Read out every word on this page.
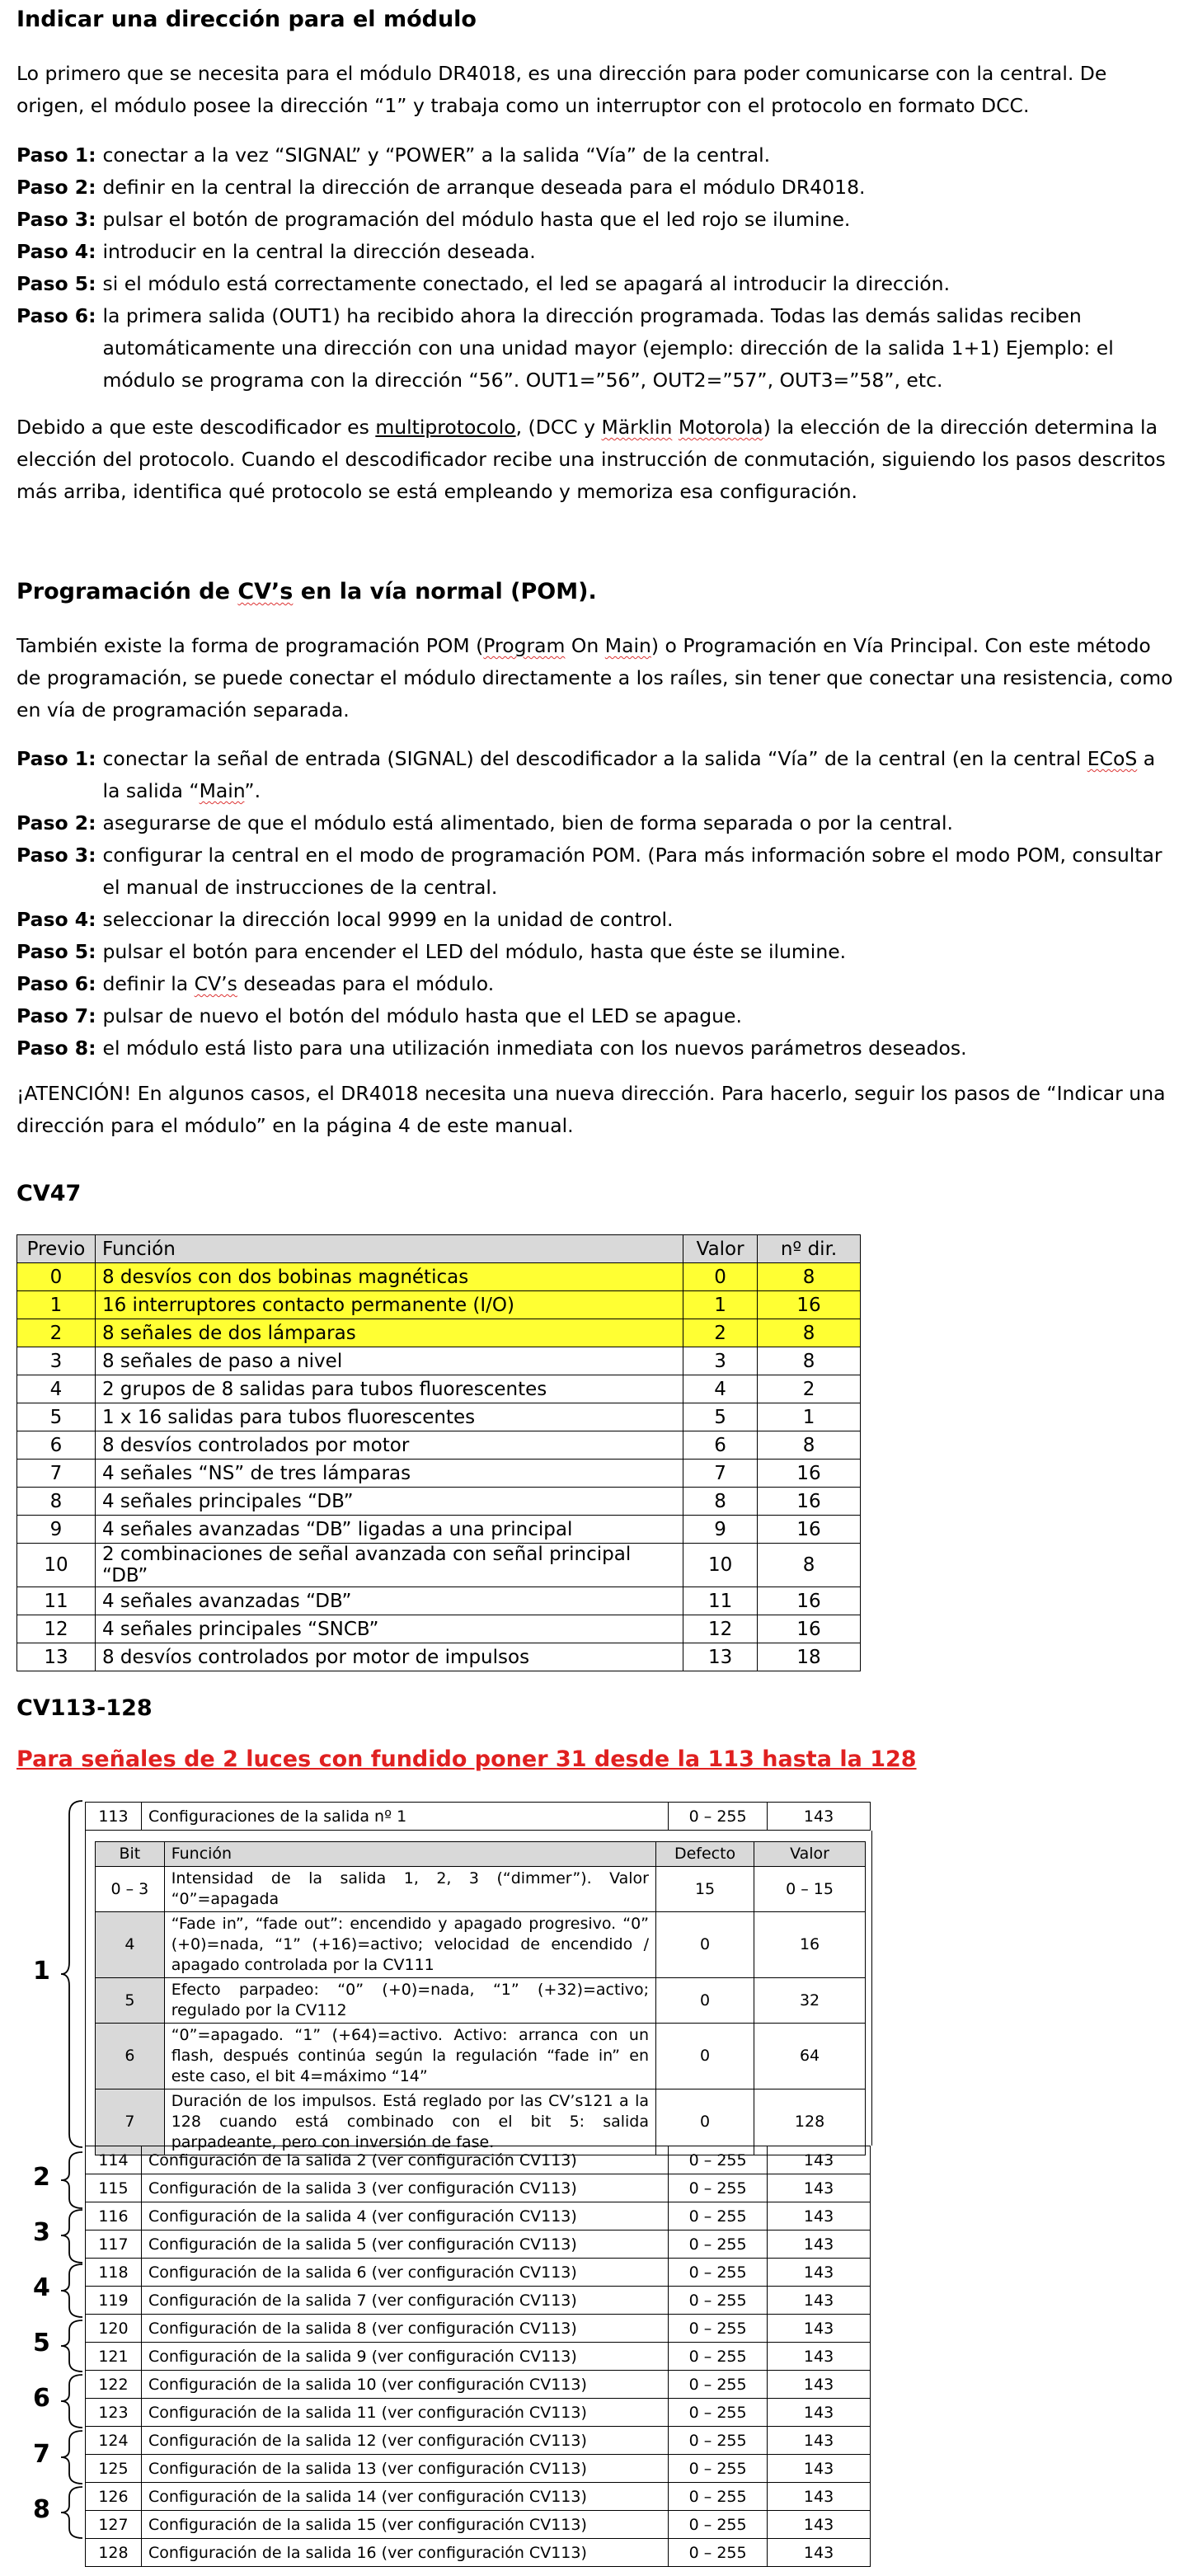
Indicar una dirección para el módulo

Lo primero que se necesita para el módulo DR4018, es una dirección para poder comunicarse con la central. De origen, el módulo posee la dirección “1” y trabaja como un interruptor con el protocolo en formato DCC.

Paso 1: conectar a la vez “SIGNAL” y “POWER” a la salida “Vía” de la central.
Paso 2: definir en la central la dirección de arranque deseada para el módulo DR4018.
Paso 3: pulsar el botón de programación del módulo hasta que el led rojo se ilumine.
Paso 4: introducir en la central la dirección deseada.
Paso 5: si el módulo está correctamente conectado, el led se apagará al introducir la dirección.
Paso 6: la primera salida (OUT1) ha recibido ahora la dirección programada. Todas las demás salidas reciben automáticamente una dirección con una unidad mayor (ejemplo: dirección de la salida 1+1) Ejemplo: el módulo se programa con la dirección “56”. OUT1=”56”, OUT2=”57”, OUT3=”58”, etc.

Debido a que este descodificador es multiprotocolo, (DCC y Märklin Motorola) la elección de la dirección determina la elección del protocolo. Cuando el descodificador recibe una instrucción de conmutación, siguiendo los pasos descritos más arriba, identifica qué protocolo se está empleando y memoriza esa configuración.

Programación de CV’s en la vía normal (POM).

También existe la forma de programación POM (Program On Main) o Programación en Vía Principal. Con este método de programación, se puede conectar el módulo directamente a los raíles, sin tener que conectar una resistencia, como en vía de programación separada.

Paso 1: conectar la señal de entrada (SIGNAL) del descodificador a la salida “Vía” de la central (en la central ECoS a la salida “Main”.
Paso 2: asegurarse de que el módulo está alimentado, bien de forma separada o por la central.
Paso 3: configurar la central en el modo de programación POM. (Para más información sobre el modo POM, consultar el manual de instrucciones de la central.
Paso 4: seleccionar la dirección local 9999 en la unidad de control.
Paso 5: pulsar el botón para encender el LED del módulo, hasta que éste se ilumine.
Paso 6: definir la CV’s deseadas para el módulo.
Paso 7: pulsar de nuevo el botón del módulo hasta que el LED se apague.
Paso 8: el módulo está listo para una utilización inmediata con los nuevos parámetros deseados.

¡ATENCIÓN! En algunos casos, el DR4018 necesita una nueva dirección. Para hacerlo, seguir los pasos de “Indicar una dirección para el módulo” en la página 4 de este manual.

CV47
Previo	Función	Valor	nº dir.
0	8 desvíos con dos bobinas magnéticas	0	8
1	16 interruptores contacto permanente (I/O)	1	16
2	8 señales de dos lámparas	2	8
3	8 señales de paso a nivel	3	8
4	2 grupos de 8 salidas para tubos fluorescentes	4	2
5	1 x 16 salidas para tubos fluorescentes	5	1
6	8 desvíos controlados por motor	6	8
7	4 señales “NS” de tres lámparas	7	16
8	4 señales principales “DB”	8	16
9	4 señales avanzadas “DB” ligadas a una principal	9	16
10	2 combinaciones de señal avanzada con señal principal “DB”	10	8
11	4 señales avanzadas “DB”	11	16
12	4 señales principales “SNCB”	12	16
13	8 desvíos controlados por motor de impulsos	13	18
CV113-128
Para señales de 2 luces con fundido poner 31 desde la 113 hasta la 128
113	Configuraciones de la salida nº 1	0 – 255	143
Bit	Función	Defecto	Valor
0 – 3	Intensidad de la salida 1, 2, 3 (“dimmer”). Valor “0”=apagada	15	0 – 15
4	“Fade in”, “fade out”: encendido y apagado progresivo. “0” (+0)=nada, “1” (+16)=activo; velocidad de encendido / apagado controlada por la CV111	0	16
5	Efecto parpadeo: “0” (+0)=nada, “1” (+32)=activo; regulado por la CV112	0	32
6	“0”=apagado. “1” (+64)=activo. Activo: arranca con un flash, después continúa según la regulación “fade in” en este caso, el bit 4=máximo “14”	0	64
7	Duración de los impulsos. Está reglado por las CV’s121 a la 128 cuando está combinado con el bit 5: salida parpadeante, pero con inversión de fase.	0	128
114	Configuración de la salida 2 (ver configuración CV113)	0 – 255	143
115	Configuración de la salida 3 (ver configuración CV113)	0 – 255	143
116	Configuración de la salida 4 (ver configuración CV113)	0 – 255	143
117	Configuración de la salida 5 (ver configuración CV113)	0 – 255	143
118	Configuración de la salida 6 (ver configuración CV113)	0 – 255	143
119	Configuración de la salida 7 (ver configuración CV113)	0 – 255	143
120	Configuración de la salida 8 (ver configuración CV113)	0 – 255	143
121	Configuración de la salida 9 (ver configuración CV113)	0 – 255	143
122	Configuración de la salida 10 (ver configuración CV113)	0 – 255	143
123	Configuración de la salida 11 (ver configuración CV113)	0 – 255	143
124	Configuración de la salida 12 (ver configuración CV113)	0 – 255	143
125	Configuración de la salida 13 (ver configuración CV113)	0 – 255	143
126	Configuración de la salida 14 (ver configuración CV113)	0 – 255	143
127	Configuración de la salida 15 (ver configuración CV113)	0 – 255	143
128	Configuración de la salida 16 (ver configuración CV113)	0 – 255	143
1
2
3
4
5
6
7
8
